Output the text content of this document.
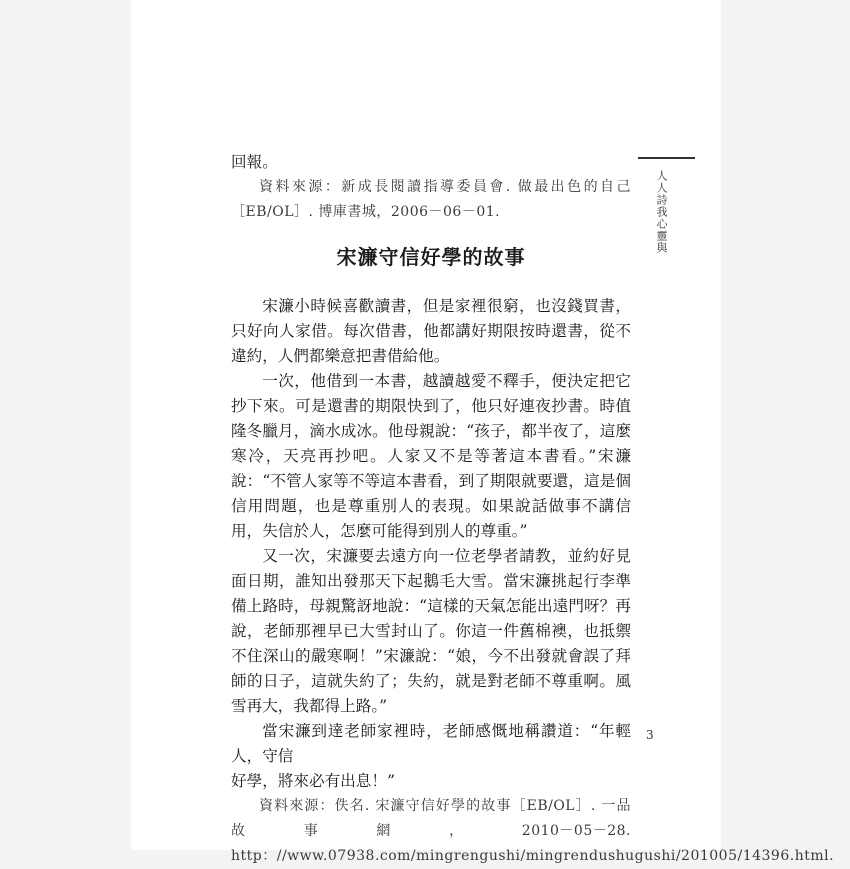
人人詩我心靈與

回報。

資料來源：新成長閱讀指導委員會. 做最出色的自己［EB/OL］. 博庫書城，2006－06－01.

宋濂守信好學的故事

宋濂小時候喜歡讀書，但是家裡很窮，也沒錢買書，只好向人家借。每次借書，他都講好期限按時還書，從不違約，人們都樂意把書借給他。

一次，他借到一本書，越讀越愛不釋手，便決定把它抄下來。可是還書的期限快到了，他只好連夜抄書。時值隆冬臘月，滴水成冰。他母親說：“孩子，都半夜了，這麼寒冷，天亮再抄吧。人家又不是等著這本書看。”宋濂說：“不管人家等不等這本書看，到了期限就要還，這是個信用問題，也是尊重別人的表現。如果說話做事不講信用，失信於人，怎麼可能得到別人的尊重。”

又一次，宋濂要去遠方向一位老學者請教，並約好見面日期，誰知出發那天下起鵝毛大雪。當宋濂挑起行李準備上路時，母親驚訝地說：“這樣的天氣怎能出遠門呀？再說，老師那裡早已大雪封山了。你這一件舊棉襖，也抵禦不住深山的嚴寒啊！”宋濂說：“娘，今不出發就會誤了拜師的日子，這就失約了；失約，就是對老師不尊重啊。風雪再大，我都得上路。”

當宋濂到達老師家裡時，老師感慨地稱讚道：“年輕人，守信

好學，將來必有出息！”

資料來源：佚名. 宋濂守信好學的故事［EB/OL］. 一品故事網，2010－05－28. http：//www.07938.com/mingrengushi/mingrendushugushi/201005/14396.html.

3
